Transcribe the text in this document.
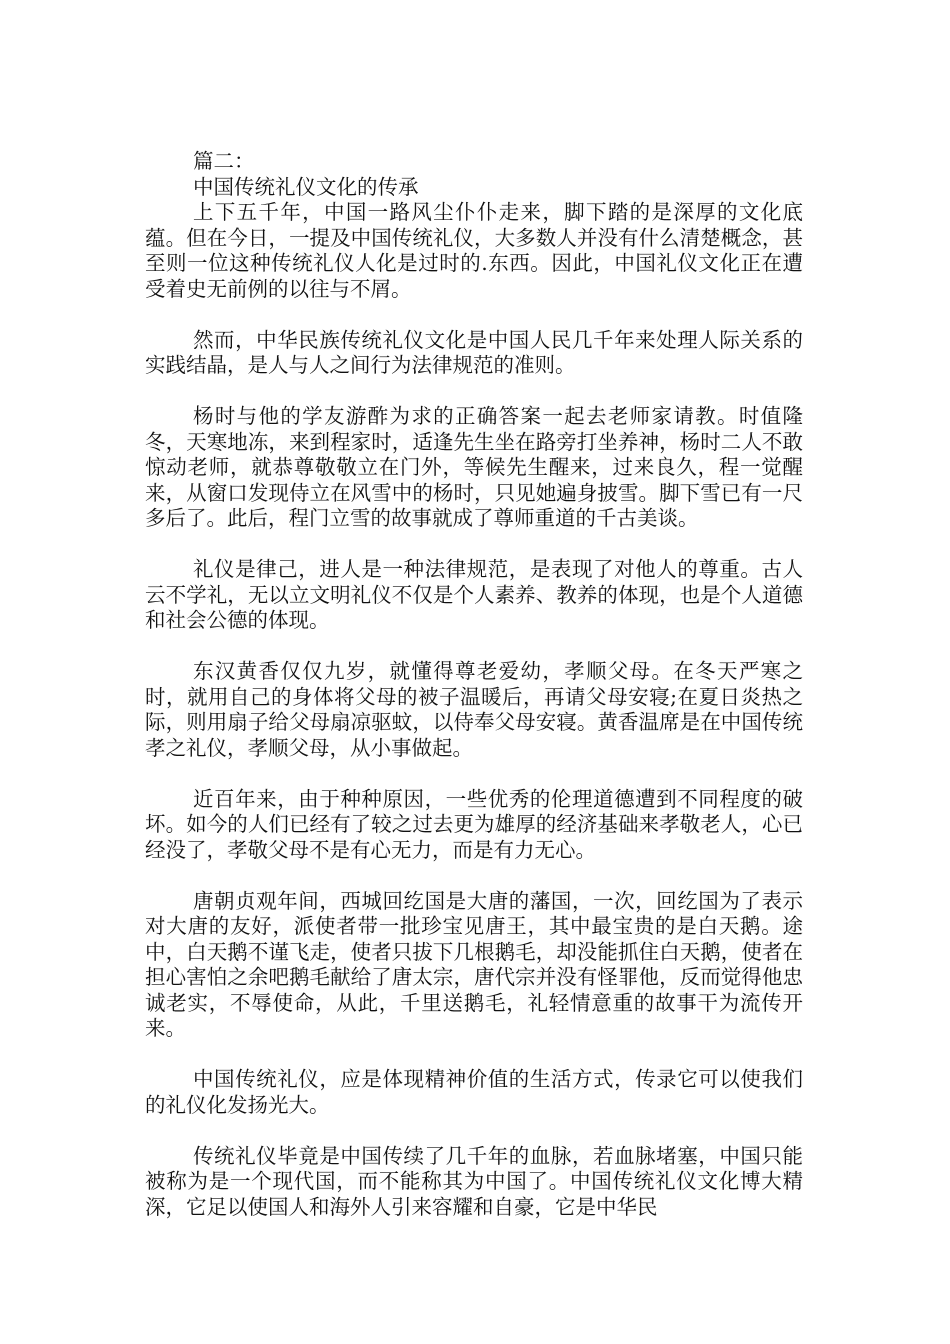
篇二：

中国传统礼仪文化的传承

上下五千年，中国一路风尘仆仆走来，脚下踏的是深厚的文化底蕴。但在今日，一提及中国传统礼仪，大多数人并没有什么清楚概念，甚至则一位这种传统礼仪人化是过时的.东西。因此，中国礼仪文化正在遭受着史无前例的以往与不屑。

然而，中华民族传统礼仪文化是中国人民几千年来处理人际关系的实践结晶，是人与人之间行为法律规范的准则。

杨时与他的学友游酢为求的正确答案一起去老师家请教。时值隆冬，天寒地冻，来到程家时，适逢先生坐在路旁打坐养神，杨时二人不敢惊动老师，就恭尊敬敬立在门外，等候先生醒来，过来良久，程一觉醒来，从窗口发现侍立在风雪中的杨时，只见她遍身披雪。脚下雪已有一尺多后了。此后，程门立雪的故事就成了尊师重道的千古美谈。

礼仪是律己，进人是一种法律规范，是表现了对他人的尊重。古人云不学礼，无以立文明礼仪不仅是个人素养、教养的体现，也是个人道德和社会公德的体现。

东汉黄香仅仅九岁，就懂得尊老爱幼，孝顺父母。在冬天严寒之时，就用自己的身体将父母的被子温暖后，再请父母安寝;在夏日炎热之际，则用扇子给父母扇凉驱蚊，以侍奉父母安寝。黄香温席是在中国传统孝之礼仪，孝顺父母，从小事做起。

近百年来，由于种种原因，一些优秀的伦理道德遭到不同程度的破坏。如今的人们已经有了较之过去更为雄厚的经济基础来孝敬老人，心已经没了，孝敬父母不是有心无力，而是有力无心。

唐朝贞观年间，西城回纥国是大唐的藩国，一次，回纥国为了表示对大唐的友好，派使者带一批珍宝见唐王，其中最宝贵的是白天鹅。途中，白天鹅不谨飞走，使者只拔下几根鹅毛，却没能抓住白天鹅，使者在担心害怕之余吧鹅毛献给了唐太宗，唐代宗并没有怪罪他，反而觉得他忠诚老实，不辱使命，从此，千里送鹅毛，礼轻情意重的故事干为流传开来。

中国传统礼仪，应是体现精神价值的生活方式，传录它可以使我们的礼仪化发扬光大。

传统礼仪毕竟是中国传续了几千年的血脉，若血脉堵塞，中国只能被称为是一个现代国，而不能称其为中国了。中国传统礼仪文化博大精深，它足以使国人和海外人引来容耀和自豪，它是中华民
